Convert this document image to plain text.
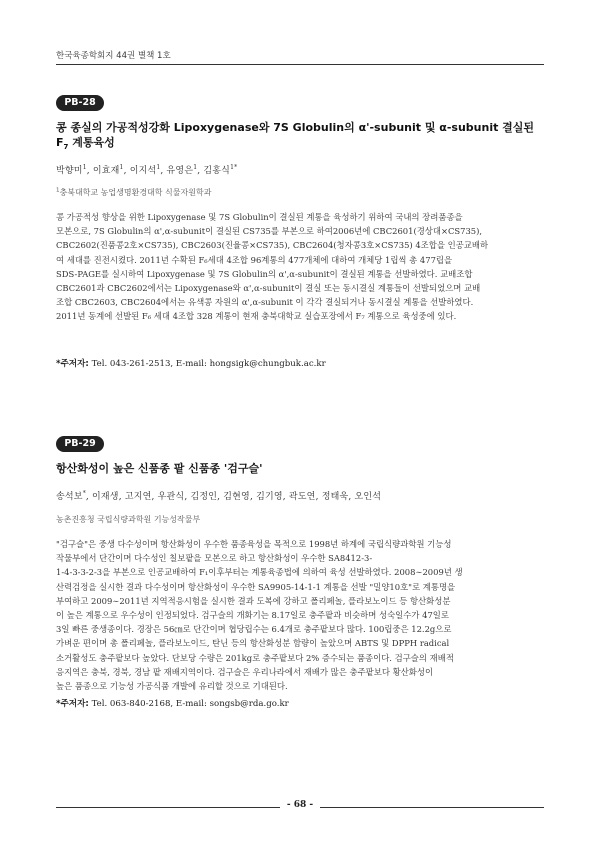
한국육종학회지 44권 별책 1호
PB-28
콩 종실의 가공적성강화 Lipoxygenase와 7S Globulin의 α'-subunit 및 α-subunit 결실된
$F_7$ 계통육성
박향미$^1$, 이효재$^1$, 이지석$^1$, 유영은$^1$, 김홍식$^{1*}$
$^1$충북대학교 농업생명환경대학 식물자원학과
콩 가공적성 향상을 위한 Lipoxygenase 및 7S Globulin이 결실된 계통을 육성하기 위하여 국내의 장려품종을
모본으로, 7S Globulin의 α',α-subunit이 결실된 CS735를 부본으로 하여2006년에 CBC2601(경상대×CS735),
CBC2602(진품콩2호×CS735), CBC2603(진율콩×CS735), CBC2604(청자콩3호×CS735) 4조합을 인공교배하
여 세대를 진전시켰다. 2011년 수확된 F₆세대 4조합 96계통의 477개체에 대하여 개체당 1립씩 총 477립을
SDS-PAGE를 실시하여 Lipoxygenase 및 7S Globulin의 α',α-subunit이 결실된 계통을 선발하였다. 교배조합
CBC2601과 CBC2602에서는 Lipoxygenase와 α',α-subunit이 결실 또는 동시결실 계통들이 선발되었으며 교배
조합 CBC2603, CBC2604에서는 유색콩 자원의 α',α-subunit 이 각각 결실되거나 동시결실 계통을 선발하였다.
2011년 동계에 선발된 F₆ 세대 4조합 328 계통이 현재 충북대학교 실습포장에서 F₇ 계통으로 육성중에 있다.
*주저자: Tel. 043-261-2513, E-mail: hongsigk@chungbuk.ac.kr
PB-29
항산화성이 높은 신품종 팥 신품종 '검구슬'
송석보*, 이재생, 고지연, 우관식, 김정인, 김현영, 김기영, 곽도연, 정태욱, 오인석
농촌진흥청 국립식량과학원 기능성작물부
"검구슬"은 중생 다수성이며 항산화성이 우수한 품종육성을 목적으로 1998년 하계에 국립식량과학원 기능성
작물부에서 단간이며 다수성인 칠보팥을 모본으로 하고 항산화성이 우수한 SA8412-3-
1-4-3-3-2-3을 부본으로 인공교배하여 F₁이후부터는 계통육종법에 의하여 육성 선발하였다. 2008∼2009년 생
산력검정을 실시한 결과 다수성이며 항산화성이 우수한 SA9905-14-1-1 계통을 선발 "밀양10호"로 계통명을
부여하고 2009∼2011년 지역적응시험을 실시한 결과 도복에 강하고 폴리페놀, 플라보노이드 등 항산화성분
이 높은 계통으로 우수성이 인정되었다. 검구슬의 개화기는 8.17일로 충주팥과 비슷하며 성숙일수가 47일로
3일 빠른 중생종이다. 경장은 56㎝로 단간이며 협당립수는 6.4개로 충주팥보다 많다. 100립중은 12.2g으로
가벼운 편이며 총 폴리페놀, 플라보노이드, 탄닌 등의 항산화성분 함량이 높았으며 ABTS 및 DPPH radical
소거활성도 충주팥보다 높았다. 단보당 수량은 201kg로 충주팥보다 2% 증수되는 품종이다. 검구슬의 재배적
응지역은 충북, 경북, 경남 팥 재배지역이다. 검구슬은 우리나라에서 재배가 많은 충주팥보다 황산화성이
높은 품종으로 기능성 가공식품 개발에 유리할 것으로 기대된다.
*주저자: Tel. 063-840-2168, E-mail: songsb@rda.go.kr
- 68 -
